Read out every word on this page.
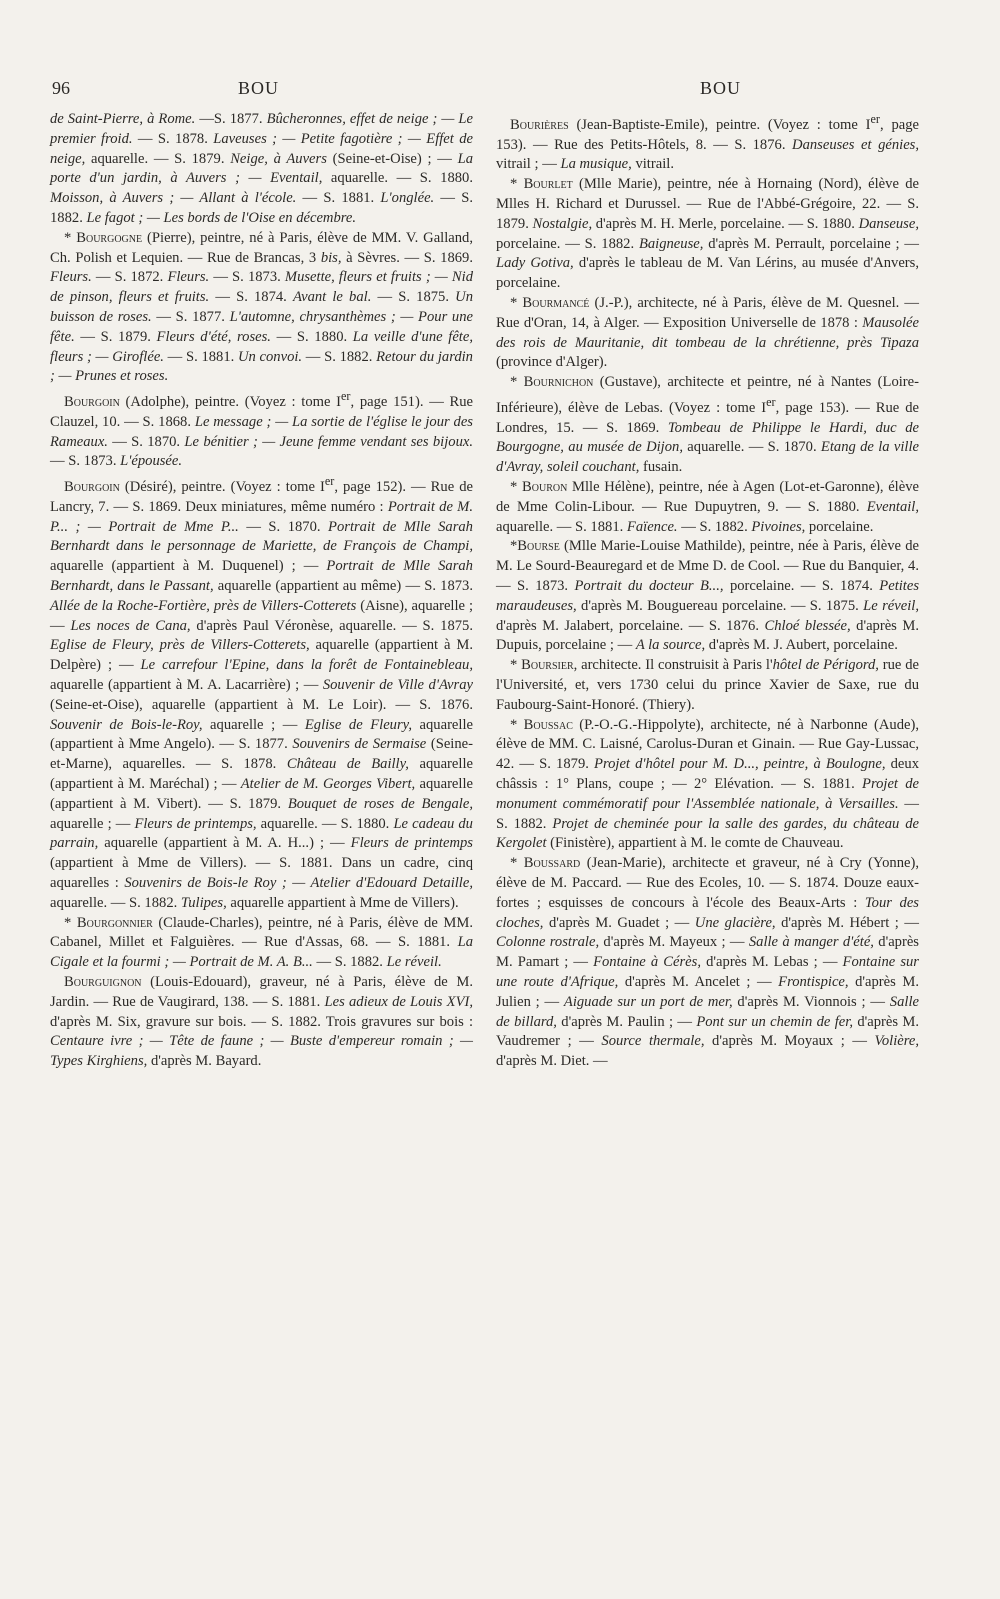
96	BOU	BOU

de Saint-Pierre, à Rome. —S. 1877. Bûcheronnes, effet de neige ; — Le premier froid. — S. 1878. Laveuses ; — Petite fagotière ; — Effet de neige, aquarelle. — S. 1879. Neige, à Auvers (Seine-et-Oise) ; — La porte d'un jardin, à Auvers ; — Eventail, aquarelle. — S. 1880. Moisson, à Auvers ; — Allant à l'école. — S. 1881. L'onglée. — S. 1882. Le fagot ; — Les bords de l'Oise en décembre.

* Bourgogne (Pierre), peintre, né à Paris, élève de MM. V. Galland, Ch. Polish et Lequien. — Rue de Brancas, 3 bis, à Sèvres. — S. 1869. Fleurs. — S. 1872. Fleurs. — S. 1873. Musette, fleurs et fruits ; — Nid de pinson, fleurs et fruits. — S. 1874. Avant le bal. — S. 1875. Un buisson de roses. — S. 1877. L'automne, chrysanthèmes ; — Pour une fête. — S. 1879. Fleurs d'été, roses. — S. 1880. La veille d'une fête, fleurs ; — Giroflée. — S. 1881. Un convoi. — S. 1882. Retour du jardin ; — Prunes et roses.

Bourgoin (Adolphe), peintre. (Voyez : tome Ier, page 151). — Rue Clauzel, 10. — S. 1868. Le message ; — La sortie de l'église le jour des Rameaux. — S. 1870. Le bénitier ; — Jeune femme vendant ses bijoux. — S. 1873. L'épousée.

Bourgoin (Désiré), peintre. (Voyez : tome Ier, page 152). — Rue de Lancry, 7. — S. 1869. Deux miniatures, même numéro : Portrait de M. P... ; — Portrait de Mme P... — S. 1870. Portrait de Mlle Sarah Bernhardt dans le personnage de Mariette, de François de Champi, aquarelle (appartient à M. Duquenel) ; — Portrait de Mlle Sarah Bernhardt, dans le Passant, aquarelle (appartient au même) — S. 1873. Allée de la Roche-Fortière, près de Villers-Cotterets (Aisne), aquarelle ; — Les noces de Cana, d'après Paul Véronèse, aquarelle. — S. 1875. Eglise de Fleury, près de Villers-Cotterets, aquarelle (appartient à M. Delpère) ; — Le carrefour l'Epine, dans la forêt de Fontainebleau, aquarelle (appartient à M. A. Lacarrière) ; — Souvenir de Ville d'Avray (Seine-et-Oise), aquarelle (appartient à M. Le Loir). — S. 1876. Souvenir de Bois-le-Roy, aquarelle ; — Eglise de Fleury, aquarelle (appartient à Mme Angelo). — S. 1877. Souvenirs de Sermaise (Seine-et-Marne), aquarelles. — S. 1878. Château de Bailly, aquarelle (appartient à M. Maréchal) ; — Atelier de M. Georges Vibert, aquarelle (appartient à M. Vibert). — S. 1879. Bouquet de roses de Bengale, aquarelle ; — Fleurs de printemps, aquarelle. — S. 1880. Le cadeau du parrain, aquarelle (appartient à M. A. H...) ; — Fleurs de printemps (appartient à Mme de Villers). — S. 1881. Dans un cadre, cinq aquarelles : Souvenirs de Bois-le Roy ; — Atelier d'Edouard Detaille, aquarelle. — S. 1882. Tulipes, aquarelle appartient à Mme de Villers).

* Bourgonnier (Claude-Charles), peintre, né à Paris, élève de MM. Cabanel, Millet et Falguières. — Rue d'Assas, 68. — S. 1881. La Cigale et la fourmi ; — Portrait de M. A. B... — S. 1882. Le réveil.

Bourguignon (Louis-Edouard), graveur, né à Paris, élève de M. Jardin. — Rue de Vaugirard, 138. — S. 1881. Les adieux de Louis XVI, d'après M. Six, gravure sur bois. — S. 1882. Trois gravures sur bois : Centaure ivre ; — Tête de faune ; — Buste d'empereur romain ; — Types Kirghiens, d'après M. Bayard.

Bourières (Jean-Baptiste-Emile), peintre. (Voyez : tome Ier, page 153). — Rue des Petits-Hôtels, 8. — S. 1876. Danseuses et génies, vitrail ; — La musique, vitrail.

* Bourlet (Mlle Marie), peintre, née à Hornaing (Nord), élève de Mlles H. Richard et Durussel. — Rue de l'Abbé-Grégoire, 22. — S. 1879. Nostalgie, d'après M. H. Merle, porcelaine. — S. 1880. Danseuse, porcelaine. — S. 1882. Baigneuse, d'après M. Perrault, porcelaine ; — Lady Gotiva, d'après le tableau de M. Van Lérins, au musée d'Anvers, porcelaine.

* Bourmancé (J.-P.), architecte, né à Paris, élève de M. Quesnel. — Rue d'Oran, 14, à Alger. — Exposition Universelle de 1878 : Mausolée des rois de Mauritanie, dit tombeau de la chrétienne, près Tipaza (province d'Alger).

* Bournichon (Gustave), architecte et peintre, né à Nantes (Loire-Inférieure), élève de Lebas. (Voyez : tome Ier, page 153). — Rue de Londres, 15. — S. 1869. Tombeau de Philippe le Hardi, duc de Bourgogne, au musée de Dijon, aquarelle. — S. 1870. Etang de la ville d'Avray, soleil couchant, fusain.

* Bouron Mlle Hélène), peintre, née à Agen (Lot-et-Garonne), élève de Mme Colin-Libour. — Rue Dupuytren, 9. — S. 1880. Eventail, aquarelle. — S. 1881. Faïence. — S. 1882. Pivoines, porcelaine.

*Bourse (Mlle Marie-Louise Mathilde), peintre, née à Paris, élève de M. Le Sourd-Beauregard et de Mme D. de Cool. — Rue du Banquier, 4. — S. 1873. Portrait du docteur B..., porcelaine. — S. 1874. Petites maraudeuses, d'après M. Bouguereau porcelaine. — S. 1875. Le réveil, d'après M. Jalabert, porcelaine. — S. 1876. Chloé blessée, d'après M. Dupuis, porcelaine ; — A la source, d'après M. J. Aubert, porcelaine.

* Boursier, architecte. Il construisit à Paris l'hôtel de Périgord, rue de l'Université, et, vers 1730 celui du prince Xavier de Saxe, rue du Faubourg-Saint-Honoré. (Thiery).

* Boussac (P.-O.-G.-Hippolyte), architecte, né à Narbonne (Aude), élève de MM. C. Laisné, Carolus-Duran et Ginain. — Rue Gay-Lussac, 42. — S. 1879. Projet d'hôtel pour M. D..., peintre, à Boulogne, deux châssis : 1° Plans, coupe ; — 2° Elévation. — S. 1881. Projet de monument commémoratif pour l'Assemblée nationale, à Versailles. — S. 1882. Projet de cheminée pour la salle des gardes, du château de Kergolet (Finistère), appartient à M. le comte de Chauveau.

* Boussard (Jean-Marie), architecte et graveur, né à Cry (Yonne), élève de M. Paccard. — Rue des Ecoles, 10. — S. 1874. Douze eaux-fortes ; esquisses de concours à l'école des Beaux-Arts : Tour des cloches, d'après M. Guadet ; — Une glacière, d'après M. Hébert ; — Colonne rostrale, d'après M. Mayeux ; — Salle à manger d'été, d'après M. Pamart ; — Fontaine à Cérès, d'après M. Lebas ; — Fontaine sur une route d'Afrique, d'après M. Ancelet ; — Frontispice, d'après M. Julien ; — Aiguade sur un port de mer, d'après M. Vionnois ; — Salle de billard, d'après M. Paulin ; — Pont sur un chemin de fer, d'après M. Vaudremer ; — Source thermale, d'après M. Moyaux ; — Volière, d'après M. Diet. —
